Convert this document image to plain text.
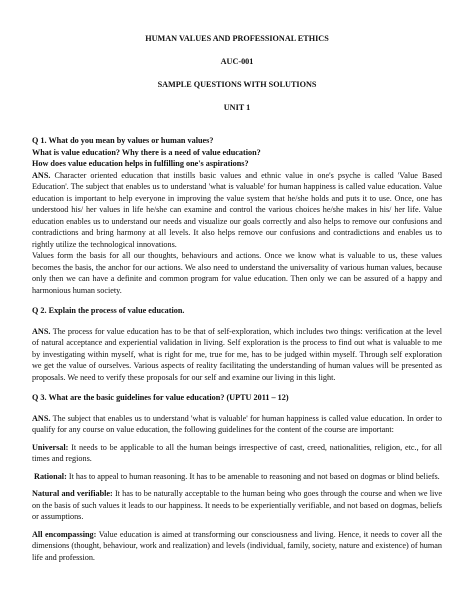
HUMAN VALUES AND PROFESSIONAL ETHICS
AUC-001
SAMPLE QUESTIONS WITH SOLUTIONS
UNIT 1
Q 1. What do you mean by values or human values?
What is value education? Why there is a need of value education?
How does value education helps in fulfilling one's aspirations?

ANS. Character oriented education that instills basic values and ethnic value in one's psyche is called 'Value Based Education'. The subject that enables us to understand 'what is valuable' for human happiness is called value education. Value education is important to help everyone in improving the value system that he/she holds and puts it to use. Once, one has understood his/ her values in life he/she can examine and control the various choices he/she makes in his/ her life. Value education enables us to understand our needs and visualize our goals correctly and also helps to remove our confusions and contradictions and bring harmony at all levels. It also helps remove our confusions and contradictions and enables us to rightly utilize the technological innovations.

Values form the basis for all our thoughts, behaviours and actions. Once we know what is valuable to us, these values becomes the basis, the anchor for our actions. We also need to understand the universality of various human values, because only then we can have a definite and common program for value education. Then only we can be assured of a happy and harmonious human society.

Q 2. Explain the process of value education.

ANS. The process for value education has to be that of self-exploration, which includes two things: verification at the level of natural acceptance and experiential validation in living. Self exploration is the process to find out what is valuable to me by investigating within myself, what is right for me, true for me, has to be judged within myself. Through self exploration we get the value of ourselves. Various aspects of reality facilitating the understanding of human values will be presented as proposals. We need to verify these proposals for our self and examine our living in this light.

Q 3. What are the basic guidelines for value education? (UPTU 2011 – 12)

ANS. The subject that enables us to understand 'what is valuable' for human happiness is called value education. In order to qualify for any course on value education, the following guidelines for the content of the course are important:

Universal: It needs to be applicable to all the human beings irrespective of cast, creed, nationalities, religion, etc., for all times and regions.

Rational: It has to appeal to human reasoning. It has to be amenable to reasoning and not based on dogmas or blind beliefs.

Natural and verifiable: It has to be naturally acceptable to the human being who goes through the course and when we live on the basis of such values it leads to our happiness. It needs to be experientially verifiable, and not based on dogmas, beliefs or assumptions.

All encompassing: Value education is aimed at transforming our consciousness and living. Hence, it needs to cover all the dimensions (thought, behaviour, work and realization) and levels (individual, family, society, nature and existence) of human life and profession.
